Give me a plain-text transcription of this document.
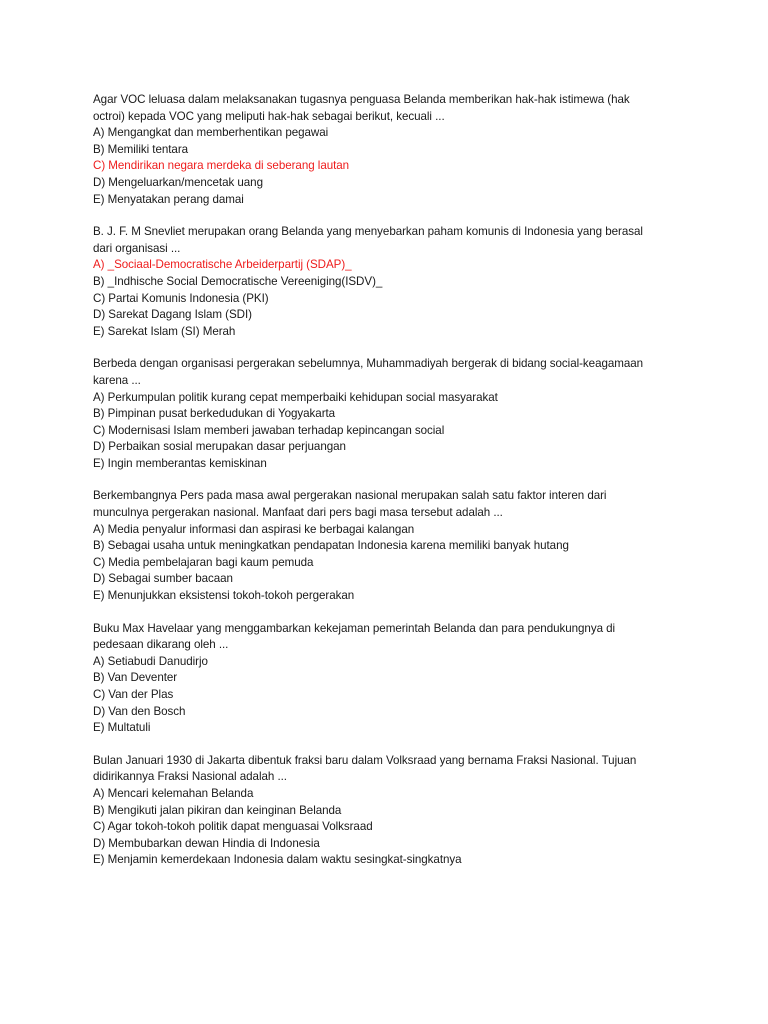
Agar VOC leluasa dalam melaksanakan tugasnya penguasa Belanda memberikan hak-hak istimewa (hak
octroi) kepada VOC yang meliputi hak-hak sebagai berikut, kecuali ...
A) Mengangkat dan memberhentikan pegawai
B) Memiliki tentara
C) Mendirikan negara merdeka di seberang lautan
D) Mengeluarkan/mencetak uang
E) Menyatakan perang damai
B. J. F. M Snevliet merupakan orang Belanda yang menyebarkan paham komunis di Indonesia yang berasal
dari organisasi ...
A) _Sociaal-Democratische Arbeiderpartij (SDAP)_
B) _Indhische Social Democratische Vereeniging(ISDV)_
C) Partai Komunis Indonesia (PKI)
D) Sarekat Dagang Islam (SDI)
E) Sarekat Islam (SI) Merah
Berbeda dengan organisasi pergerakan sebelumnya, Muhammadiyah bergerak di bidang social-keagamaan
karena ...
A) Perkumpulan politik kurang cepat memperbaiki kehidupan social masyarakat
B) Pimpinan pusat berkedudukan di Yogyakarta
C) Modernisasi Islam memberi jawaban terhadap kepincangan social
D) Perbaikan sosial merupakan dasar perjuangan
E) Ingin memberantas kemiskinan
Berkembangnya Pers pada masa awal pergerakan nasional merupakan salah satu faktor interen dari
munculnya pergerakan nasional. Manfaat dari pers bagi masa tersebut adalah ...
A) Media penyalur informasi dan aspirasi ke berbagai kalangan
B) Sebagai usaha untuk meningkatkan pendapatan Indonesia karena memiliki banyak hutang
C) Media pembelajaran bagi kaum pemuda
D) Sebagai sumber bacaan
E) Menunjukkan eksistensi tokoh-tokoh pergerakan
Buku Max Havelaar yang menggambarkan kekejaman pemerintah Belanda dan para pendukungnya di
pedesaan dikarang oleh ...
A) Setiabudi Danudirjo
B) Van Deventer
C) Van der Plas
D) Van den Bosch
E) Multatuli
Bulan Januari 1930 di Jakarta dibentuk fraksi baru dalam Volksraad yang bernama Fraksi Nasional. Tujuan
didirikannya Fraksi Nasional adalah ...
A) Mencari kelemahan Belanda
B) Mengikuti jalan pikiran dan keinginan Belanda
C) Agar tokoh-tokoh politik dapat menguasai Volksraad
D) Membubarkan dewan Hindia di Indonesia
E) Menjamin kemerdekaan Indonesia dalam waktu sesingkat-singkatnya
